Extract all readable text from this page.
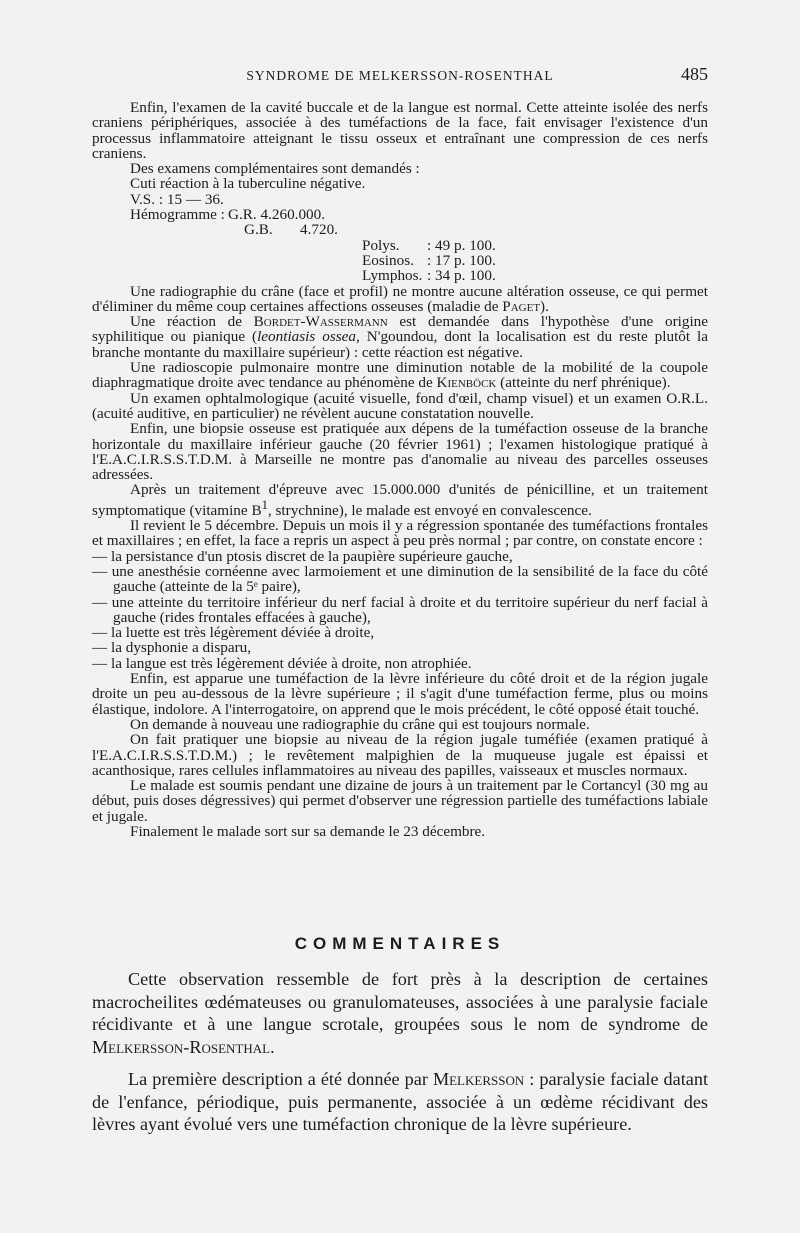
SYNDROME DE MELKERSSON-ROSENTHAL	485

Enfin, l'examen de la cavité buccale et de la langue est normal. Cette atteinte isolée des nerfs craniens périphériques, associée à des tuméfactions de la face, fait envisager l'existence d'un processus inflammatoire atteignant le tissu osseux et entraînant une compression de ces nerfs craniens.

Des examens complémentaires sont demandés :
Cuti réaction à la tuberculine négative.
V.S. : 15 — 36.
Hémogramme : G.R. 4.260.000.
G.B. 4.720.
Polys. : 49 p. 100.
Eosinos. : 17 p. 100.
Lymphos. : 34 p. 100.

Une radiographie du crâne (face et profil) ne montre aucune altération osseuse, ce qui permet d'éliminer du même coup certaines affections osseuses (maladie de Paget).

Une réaction de Bordet-Wassermann est demandée dans l'hypothèse d'une origine syphilitique ou pianique (leontiasis ossea, N'goundou, dont la localisation est du reste plutôt la branche montante du maxillaire supérieur) : cette réaction est négative.

Une radioscopie pulmonaire montre une diminution notable de la mobilité de la coupole diaphragmatique droite avec tendance au phénomène de Kienböck (atteinte du nerf phrénique).

Un examen ophtalmologique (acuité visuelle, fond d'œil, champ visuel) et un examen O.R.L. (acuité auditive, en particulier) ne révèlent aucune constatation nouvelle.

Enfin, une biopsie osseuse est pratiquée aux dépens de la tuméfaction osseuse de la branche horizontale du maxillaire inférieur gauche (20 février 1961) ; l'examen histologique pratiqué à l'E.A.C.I.R.S.S.T.D.M. à Marseille ne montre pas d'anomalie au niveau des parcelles osseuses adressées.

Après un traitement d'épreuve avec 15.000.000 d'unités de pénicilline, et un traitement symptomatique (vitamine $B^1$, strychnine), le malade est envoyé en convalescence.

Il revient le 5 décembre. Depuis un mois il y a régression spontanée des tuméfactions frontales et maxillaires ; en effet, la face a repris un aspect à peu près normal ; par contre, on constate encore :

— la persistance d'un ptosis discret de la paupière supérieure gauche,

— une anesthésie cornéenne avec larmoiement et une diminution de la sensibilité de la face du côté gauche (atteinte de la 5ᵉ paire),

— une atteinte du territoire inférieur du nerf facial à droite et du territoire supérieur du nerf facial à gauche (rides frontales effacées à gauche),

— la luette est très légèrement déviée à droite,

— la dysphonie a disparu,

— la langue est très légèrement déviée à droite, non atrophiée.

Enfin, est apparue une tuméfaction de la lèvre inférieure du côté droit et de la région jugale droite un peu au-dessous de la lèvre supérieure ; il s'agit d'une tuméfaction ferme, plus ou moins élastique, indolore. A l'interrogatoire, on apprend que le mois précédent, le côté opposé était touché.

On demande à nouveau une radiographie du crâne qui est toujours normale.

On fait pratiquer une biopsie au niveau de la région jugale tuméfiée (examen pratiqué à l'E.A.C.I.R.S.S.T.D.M.) ; le revêtement malpighien de la muqueuse jugale est épaissi et acanthosique, rares cellules inflammatoires au niveau des papilles, vaisseaux et muscles normaux.

Le malade est soumis pendant une dizaine de jours à un traitement par le Cortancyl (30 mg au début, puis doses dégressives) qui permet d'observer une régression partielle des tuméfactions labiale et jugale.

Finalement le malade sort sur sa demande le 23 décembre.

COMMENTAIRES

Cette observation ressemble de fort près à la description de certaines macrocheilites œdémateuses ou granulomateuses, associées à une paralysie faciale récidivante et à une langue scrotale, groupées sous le nom de syndrome de Melkersson-Rosenthal.

La première description a été donnée par Melkersson : paralysie faciale datant de l'enfance, périodique, puis permanente, associée à un œdème récidivant des lèvres ayant évolué vers une tuméfaction chronique de la lèvre supérieure.
